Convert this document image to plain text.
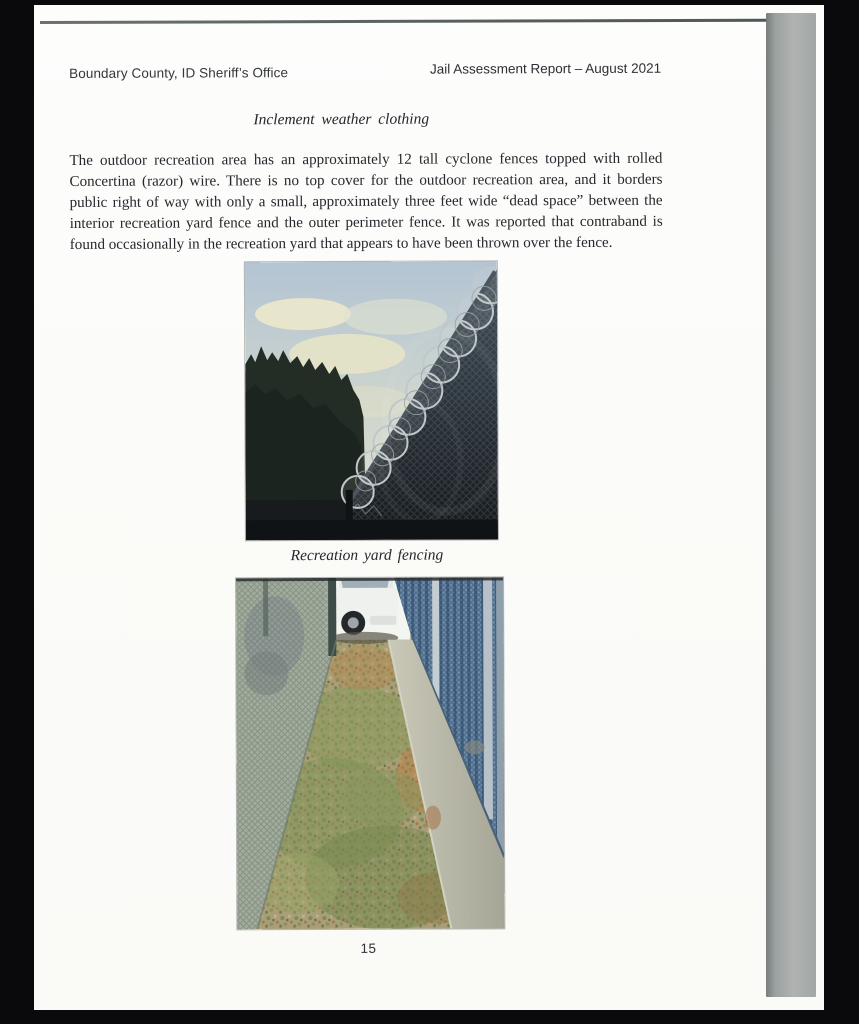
Boundary County, ID Sheriff’s Office	Jail Assessment Report – August 2021
Inclement weather clothing

The outdoor recreation area has an approximately 12 tall cyclone fences topped with rolled Concertina (razor) wire. There is no top cover for the outdoor recreation area, and it borders public right of way with only a small, approximately three feet wide “dead space” between the interior recreation yard fence and the outer perimeter fence. It was reported that contraband is found occasionally in the recreation yard that appears to have been thrown over the fence.

Recreation yard fencing
15
